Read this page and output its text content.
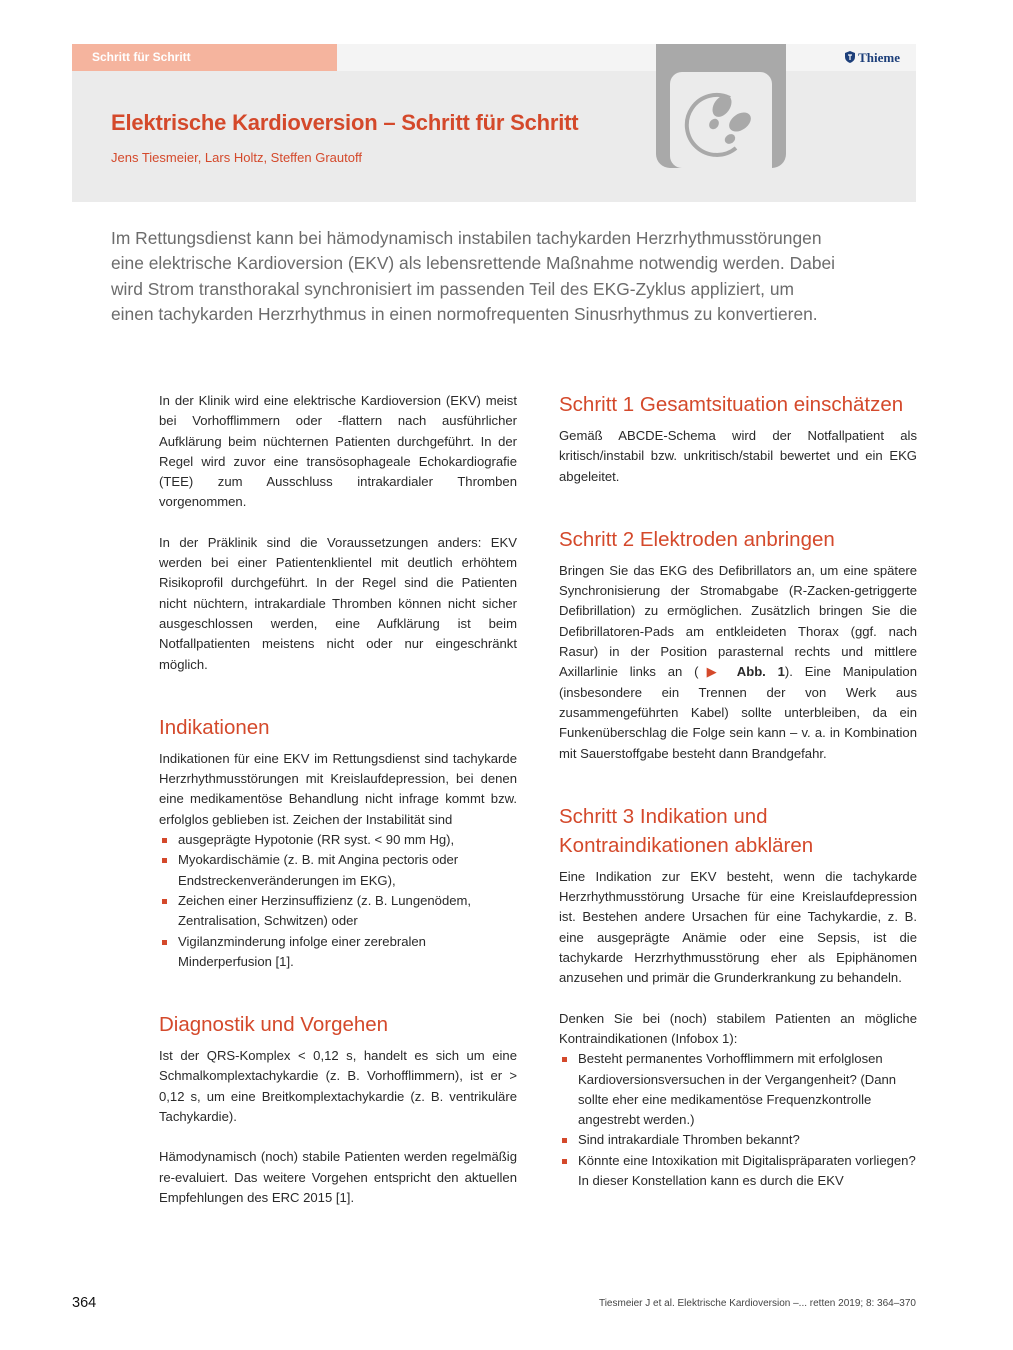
Schritt für Schritt	Thieme
Elektrische Kardioversion – Schritt für Schritt
Jens Tiesmeier, Lars Holtz, Steffen Grautoff

Im Rettungsdienst kann bei hämodynamisch instabilen tachykarden Herzrhythmusstörungen eine elektrische Kardioversion (EKV) als lebensrettende Maßnahme notwendig werden. Dabei wird Strom transthorakal synchronisiert im passenden Teil des EKG-Zyklus appliziert, um einen tachykarden Herzrhythmus in einen normofrequenten Sinusrhythmus zu konvertieren.

In der Klinik wird eine elektrische Kardioversion (EKV) meist bei Vorhofflimmern oder -flattern nach ausführlicher Aufklärung beim nüchternen Patienten durchgeführt. In der Regel wird zuvor eine transösophageale Echokardiografie (TEE) zum Ausschluss intrakardialer Thromben vorgenommen.

In der Präklinik sind die Voraussetzungen anders: EKV werden bei einer Patientenklientel mit deutlich erhöhtem Risikoprofil durchgeführt. In der Regel sind die Patienten nicht nüchtern, intrakardiale Thromben können nicht sicher ausgeschlossen werden, eine Aufklärung ist beim Notfallpatienten meistens nicht oder nur eingeschränkt möglich.

Indikationen

Indikationen für eine EKV im Rettungsdienst sind tachykarde Herzrhythmusstörungen mit Kreislaufdepression, bei denen eine medikamentöse Behandlung nicht infrage kommt bzw. erfolglos geblieben ist. Zeichen der Instabilität sind

ausgeprägte Hypotonie (RR syst. < 90 mm Hg),
Myokardischämie (z. B. mit Angina pectoris oder Endstreckenveränderungen im EKG),
Zeichen einer Herzinsuffizienz (z. B. Lungenödem, Zentralisation, Schwitzen) oder
Vigilanzminderung infolge einer zerebralen Minderperfusion [1].
Diagnostik und Vorgehen

Ist der QRS-Komplex < 0,12 s, handelt es sich um eine Schmalkomplextachykardie (z. B. Vorhofflimmern), ist er > 0,12 s, um eine Breitkomplextachykardie (z. B. ventrikuläre Tachykardie).

Hämodynamisch (noch) stabile Patienten werden regelmäßig re-evaluiert. Das weitere Vorgehen entspricht den aktuellen Empfehlungen des ERC 2015 [1].

Schritt 1 Gesamtsituation einschätzen

Gemäß ABCDE-Schema wird der Notfallpatient als kritisch/instabil bzw. unkritisch/stabil bewertet und ein EKG abgeleitet.

Schritt 2 Elektroden anbringen

Bringen Sie das EKG des Defibrillators an, um eine spätere Synchronisierung der Stromabgabe (R-Zacken-getriggerte Defibrillation) zu ermöglichen. Zusätzlich bringen Sie die Defibrillatoren-Pads am entkleideten Thorax (ggf. nach Rasur) in der Position parasternal rechts und mittlere Axillarlinie links an (▶ Abb. 1). Eine Manipulation (insbesondere ein Trennen der von Werk aus zusammengeführten Kabel) sollte unterbleiben, da ein Funkenüberschlag die Folge sein kann – v. a. in Kombination mit Sauerstoffgabe besteht dann Brandgefahr.

Schritt 3 Indikation und Kontraindikationen abklären

Eine Indikation zur EKV besteht, wenn die tachykarde Herzrhythmusstörung Ursache für eine Kreislaufdepression ist. Bestehen andere Ursachen für eine Tachykardie, z. B. eine ausgeprägte Anämie oder eine Sepsis, ist die tachykarde Herzrhythmusstörung eher als Epiphänomen anzusehen und primär die Grunderkrankung zu behandeln.

Denken Sie bei (noch) stabilem Patienten an mögliche Kontraindikationen (Infobox 1):

Besteht permanentes Vorhofflimmern mit erfolglosen Kardioversionsversuchen in der Vergangenheit? (Dann sollte eher eine medikamentöse Frequenzkontrolle angestrebt werden.)
Sind intrakardiale Thromben bekannt?
Könnte eine Intoxikation mit Digitalispräparaten vorliegen? In dieser Konstellation kann es durch die EKV
364	Tiesmeier J et al. Elektrische Kardioversion –... retten 2019; 8: 364–370
